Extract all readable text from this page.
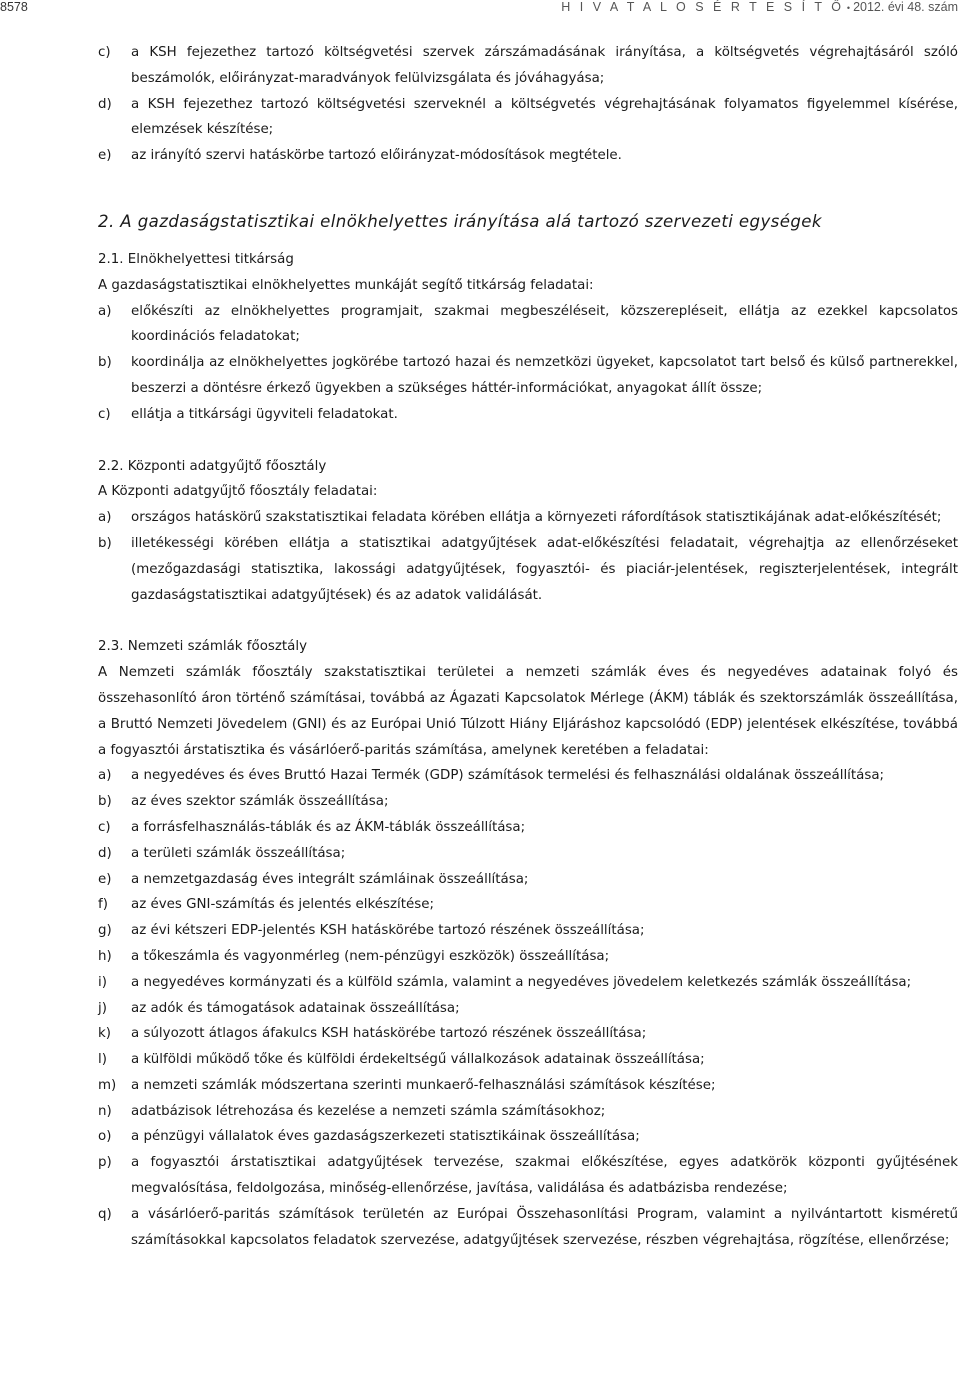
8578	H I V A T A L O S É R T E S Í T Ő • 2012. évi 48. szám
c)	a KSH fejezethez tartozó költségvetési szervek zárszámadásának irányítása, a költségvetés végrehajtásáról szóló beszámolók, előirányzat-maradványok felülvizsgálata és jóváhagyása;
d)	a KSH fejezethez tartozó költségvetési szerveknél a költségvetés végrehajtásának folyamatos figyelemmel kísérése, elemzések készítése;
e)	az irányító szervi hatáskörbe tartozó előirányzat-módosítások megtétele.
2. A gazdaságstatisztikai elnökhelyettes irányítása alá tartozó szervezeti egységek
2.1. Elnökhelyettesi titkárság
A gazdaságstatisztikai elnökhelyettes munkáját segítő titkárság feladatai:
a)	előkészíti az elnökhelyettes programjait, szakmai megbeszéléseit, közszerepléseit, ellátja az ezekkel kapcsolatos koordinációs feladatokat;
b)	koordinálja az elnökhelyettes jogkörébe tartozó hazai és nemzetközi ügyeket, kapcsolatot tart belső és külső partnerekkel, beszerzi a döntésre érkező ügyekben a szükséges háttér-információkat, anyagokat állít össze;
c)	ellátja a titkársági ügyviteli feladatokat.
2.2. Központi adatgyűjtő főosztály
A Központi adatgyűjtő főosztály feladatai:
a)	országos hatáskörű szakstatisztikai feladata körében ellátja a környezeti ráfordítások statisztikájának adat-előkészítését;
b)	illetékességi körében ellátja a statisztikai adatgyűjtések adat-előkészítési feladatait, végrehajtja az ellenőrzéseket (mezőgazdasági statisztika, lakossági adatgyűjtések, fogyasztói- és piaciár-jelentések, regiszterjelentések, integrált gazdaságstatisztikai adatgyűjtések) és az adatok validálását.
2.3. Nemzeti számlák főosztály
A Nemzeti számlák főosztály szakstatisztikai területei a nemzeti számlák éves és negyedéves adatainak folyó és összehasonlító áron történő számításai, továbbá az Ágazati Kapcsolatok Mérlege (ÁKM) táblák és szektorszámlák összeállítása, a Bruttó Nemzeti Jövedelem (GNI) és az Európai Unió Túlzott Hiány Eljáráshoz kapcsolódó (EDP) jelentések elkészítése, továbbá a fogyasztói árstatisztika és vásárlóerő-paritás számítása, amelynek keretében a feladatai:
a)	a negyedéves és éves Bruttó Hazai Termék (GDP) számítások termelési és felhasználási oldalának összeállítása;
b)	az éves szektor számlák összeállítása;
c)	a forrásfelhasználás-táblák és az ÁKM-táblák összeállítása;
d)	a területi számlák összeállítása;
e)	a nemzetgazdaság éves integrált számláinak összeállítása;
f)	az éves GNI-számítás és jelentés elkészítése;
g)	az évi kétszeri EDP-jelentés KSH hatáskörébe tartozó részének összeállítása;
h)	a tőkeszámla és vagyonmérleg (nem-pénzügyi eszközök) összeállítása;
i)	a negyedéves kormányzati és a külföld számla, valamint a negyedéves jövedelem keletkezés számlák összeállítása;
j)	az adók és támogatások adatainak összeállítása;
k)	a súlyozott átlagos áfakulcs KSH hatáskörébe tartozó részének összeállítása;
l)	a külföldi működő tőke és külföldi érdekeltségű vállalkozások adatainak összeállítása;
m)	a nemzeti számlák módszertana szerinti munkaerő-felhasználási számítások készítése;
n)	adatbázisok létrehozása és kezelése a nemzeti számla számításokhoz;
o)	a pénzügyi vállalatok éves gazdaságszerkezeti statisztikáinak összeállítása;
p)	a fogyasztói árstatisztikai adatgyűjtések tervezése, szakmai előkészítése, egyes adatkörök központi gyűjtésének megvalósítása, feldolgozása, minőség-ellenőrzése, javítása, validálása és adatbázisba rendezése;
q)	a vásárlóerő-paritás számítások területén az Európai Összehasonlítási Program, valamint a nyilvántartott kisméretű számításokkal kapcsolatos feladatok szervezése, adatgyűjtések szervezése, részben végrehajtása, rögzítése, ellenőrzése;
